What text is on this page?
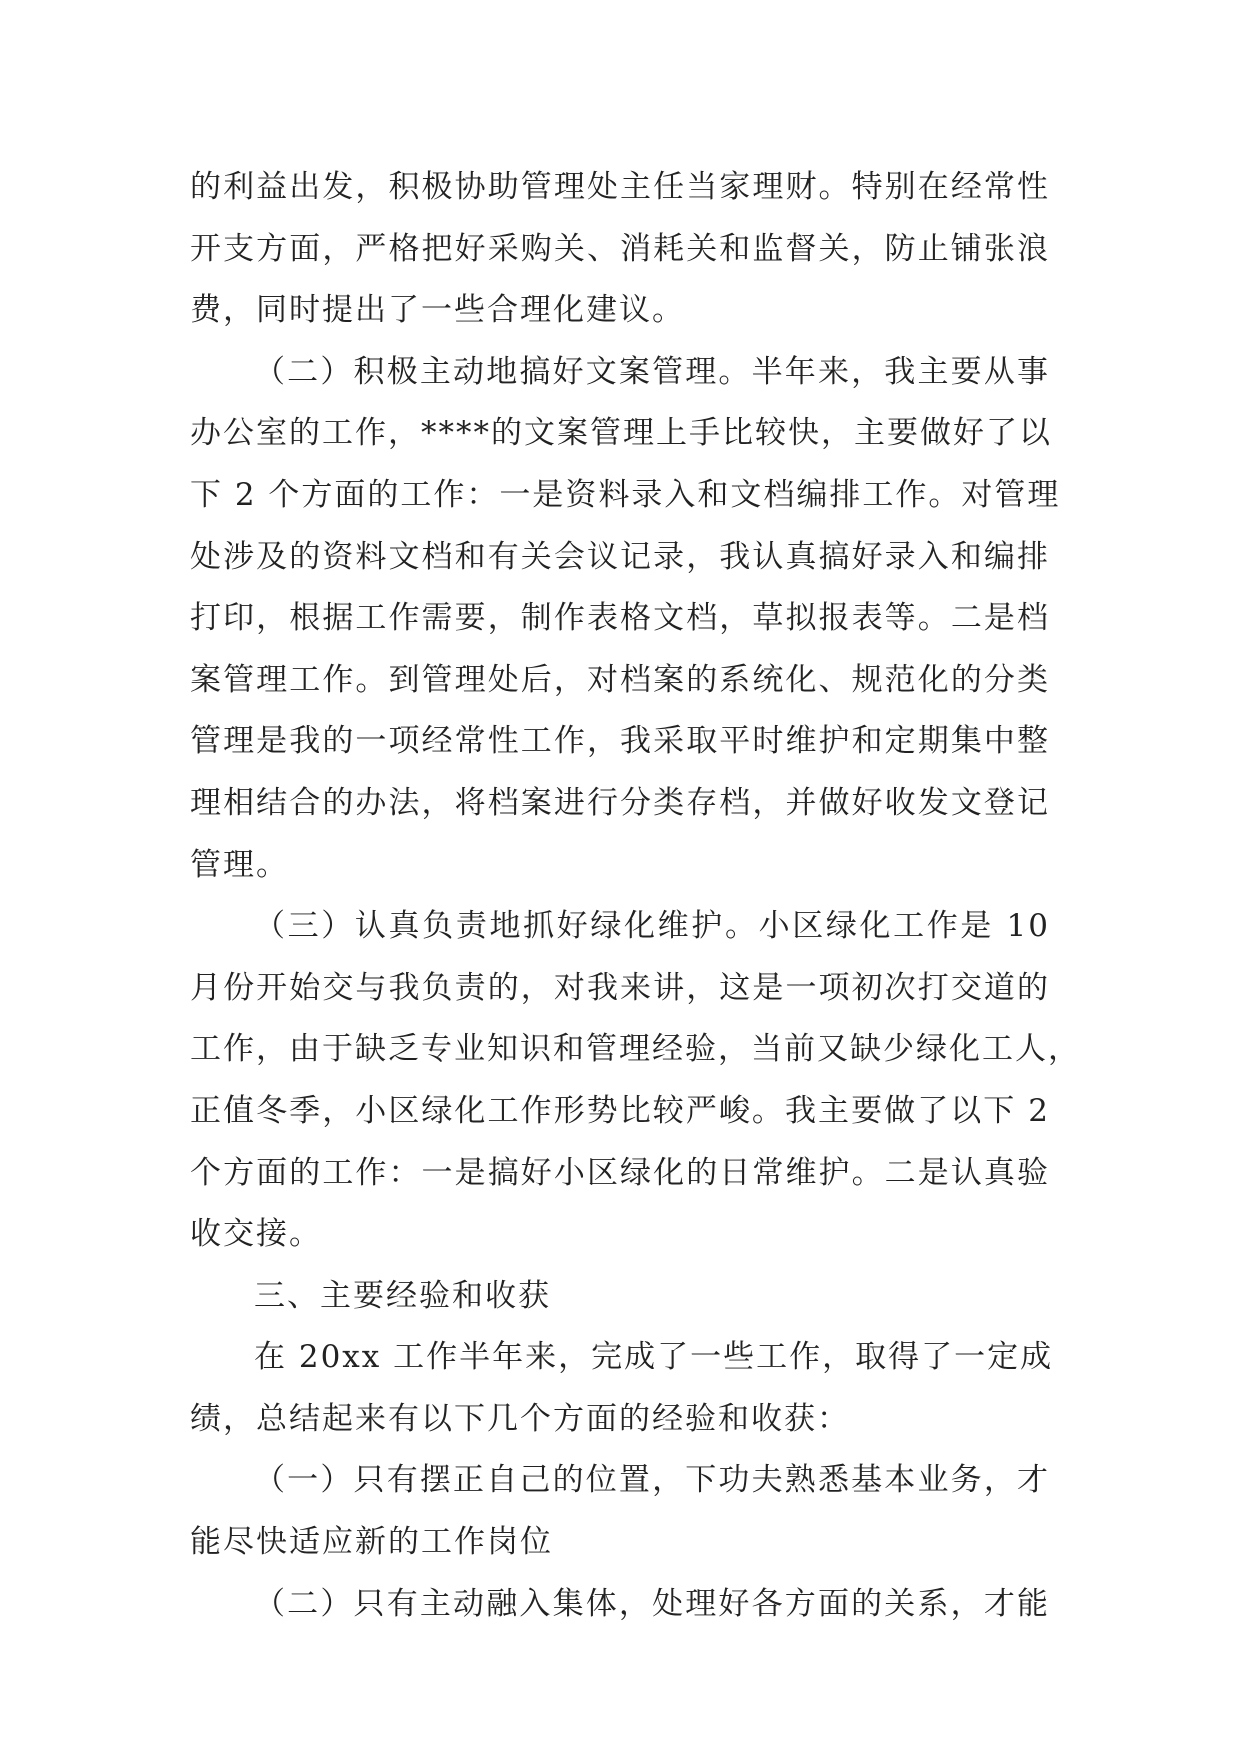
的利益出发，积极协助管理处主任当家理财。特别在经常性
开支方面，严格把好采购关、消耗关和监督关，防止铺张浪
费，同时提出了一些合理化建议。
（二）积极主动地搞好文案管理。半年来，我主要从事
办公室的工作，****的文案管理上手比较快，主要做好了以
下 2 个方面的工作：一是资料录入和文档编排工作。对管理
处涉及的资料文档和有关会议记录，我认真搞好录入和编排
打印，根据工作需要，制作表格文档，草拟报表等。二是档
案管理工作。到管理处后，对档案的系统化、规范化的分类
管理是我的一项经常性工作，我采取平时维护和定期集中整
理相结合的办法，将档案进行分类存档，并做好收发文登记
管理。
（三）认真负责地抓好绿化维护。小区绿化工作是 10
月份开始交与我负责的，对我来讲，这是一项初次打交道的
工作，由于缺乏专业知识和管理经验，当前又缺少绿化工人，
正值冬季，小区绿化工作形势比较严峻。我主要做了以下 2
个方面的工作：一是搞好小区绿化的日常维护。二是认真验
收交接。
三、主要经验和收获
在 20xx 工作半年来，完成了一些工作，取得了一定成
绩，总结起来有以下几个方面的经验和收获：
（一）只有摆正自己的位置，下功夫熟悉基本业务，才
能尽快适应新的工作岗位
（二）只有主动融入集体，处理好各方面的关系，才能
